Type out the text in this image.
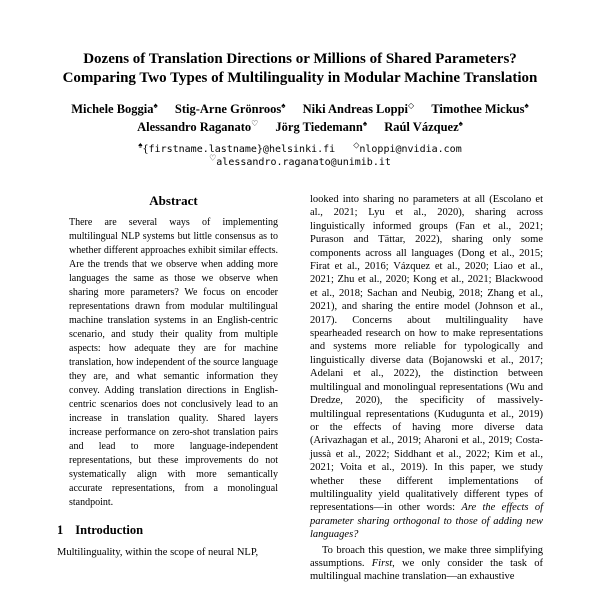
Dozens of Translation Directions or Millions of Shared Parameters?
Comparing Two Types of Multilinguality in Modular Machine Translation
Michele Boggia♠ Stig-Arne Grönroos♠ Niki Andreas Loppi◇ Timothee Mickus♠
Alessandro Raganato♡ Jörg Tiedemann♠ Raúl Vázquez♠
♠{firstname.lastname}@helsinki.fi ◇nloppi@nvidia.com
♡alessandro.raganato@unimib.it
Abstract

There are several ways of implementing multilingual NLP systems but little consensus as to whether different approaches exhibit similar effects. Are the trends that we observe when adding more languages the same as those we observe when sharing more parameters? We focus on encoder representations drawn from modular multilingual machine translation systems in an English-centric scenario, and study their quality from multiple aspects: how adequate they are for machine translation, how independent of the source language they are, and what semantic information they convey. Adding translation directions in English-centric scenarios does not conclusively lead to an increase in translation quality. Shared layers increase performance on zero-shot translation pairs and lead to more language-independent representations, but these improvements do not systematically align with more semantically accurate representations, from a monolingual standpoint.

1 Introduction

Multilinguality, within the scope of neural NLP,

looked into sharing no parameters at all (Escolano et al., 2021; Lyu et al., 2020), sharing across linguistically informed groups (Fan et al., 2021; Purason and Tättar, 2022), sharing only some components across all languages (Dong et al., 2015; Firat et al., 2016; Vázquez et al., 2020; Liao et al., 2021; Zhu et al., 2020; Kong et al., 2021; Blackwood et al., 2018; Sachan and Neubig, 2018; Zhang et al., 2021), and sharing the entire model (Johnson et al., 2017). Concerns about multilinguality have spearheaded research on how to make representations and systems more reliable for typologically and linguistically diverse data (Bojanowski et al., 2017; Adelani et al., 2022), the distinction between multilingual and monolingual representations (Wu and Dredze, 2020), the specificity of massively-multilingual representations (Kudugunta et al., 2019) or the effects of having more diverse data (Arivazhagan et al., 2019; Aharoni et al., 2019; Costa-jussà et al., 2022; Siddhant et al., 2022; Kim et al., 2021; Voita et al., 2019). In this paper, we study whether these different implementations of multilinguality yield qualitatively different types of representations—in other words: Are the effects of parameter sharing orthogonal to those of adding new languages?

To broach this question, we make three simplifying assumptions. First, we only consider the task of multilingual machine translation—an exhaustive
